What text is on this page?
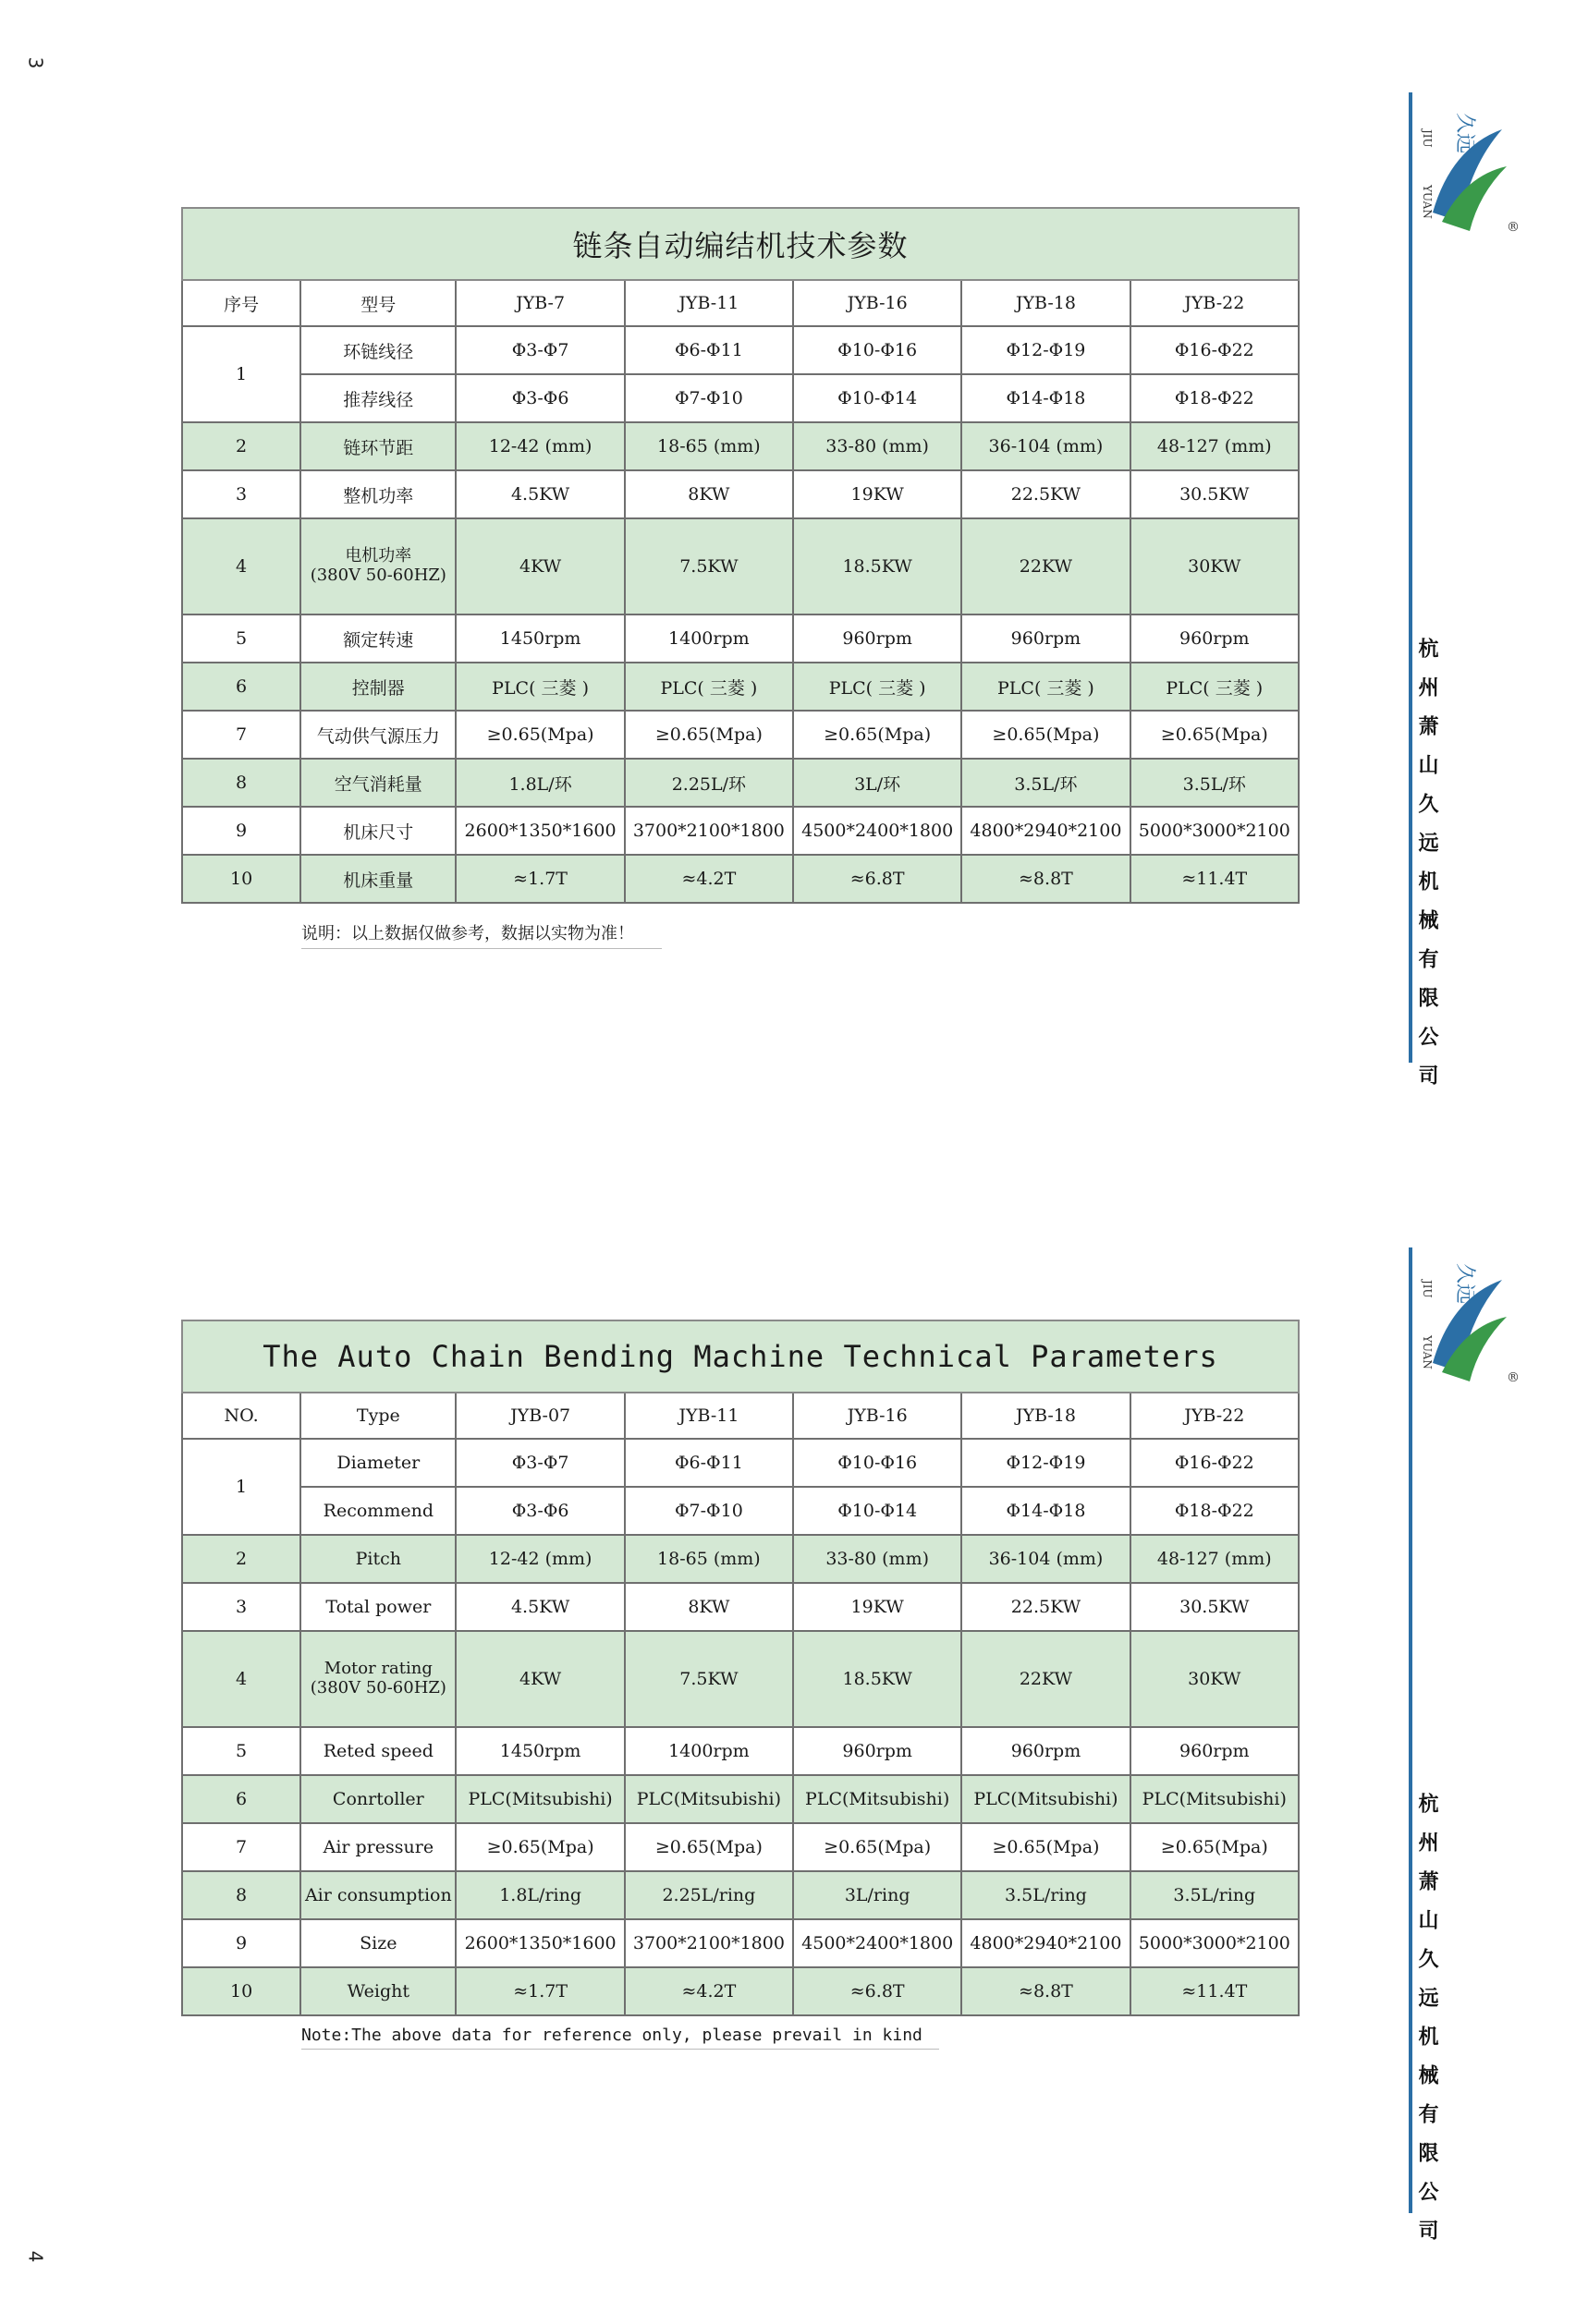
3
4
JIU
YUAN
久远
®
杭州萧山久远机械有限公司
JIU
YUAN
久远
®
杭州萧山久远机械有限公司
链条自动编结机技术参数						
序号	型号	JYB-7	JYB-11	JYB-16	JYB-18	JYB-22
1	环链线径	Φ3-Φ7	Φ6-Φ11	Φ10-Φ16	Φ12-Φ19	Φ16-Φ22
	推荐线径	Φ3-Φ6	Φ7-Φ10	Φ10-Φ14	Φ14-Φ18	Φ18-Φ22
2	链环节距	12-42 (mm)	18-65 (mm)	33-80 (mm)	36-104 (mm)	48-127 (mm)
3	整机功率	4.5KW	8KW	19KW	22.5KW	30.5KW
4	电机功率
(380V 50-60HZ)	4KW	7.5KW	18.5KW	22KW	30KW
5	额定转速	1450rpm	1400rpm	960rpm	960rpm	960rpm
6	控制器	PLC( 三菱 )	PLC( 三菱 )	PLC( 三菱 )	PLC( 三菱 )	PLC( 三菱 )
7	气动供气源压力	≥0.65(Mpa)	≥0.65(Mpa)	≥0.65(Mpa)	≥0.65(Mpa)	≥0.65(Mpa)
8	空气消耗量	1.8L/环	2.25L/环	3L/环	3.5L/环	3.5L/环
9	机床尺寸	2600*1350*1600	3700*2100*1800	4500*2400*1800	4800*2940*2100	5000*3000*2100
10	机床重量	≈1.7T	≈4.2T	≈6.8T	≈8.8T	≈11.4T
说明：以上数据仅做参考，数据以实物为准！
The Auto Chain Bending Machine Technical Parameters						
NO.	Type	JYB-07	JYB-11	JYB-16	JYB-18	JYB-22
1	Diameter	Φ3-Φ7	Φ6-Φ11	Φ10-Φ16	Φ12-Φ19	Φ16-Φ22
	Recommend	Φ3-Φ6	Φ7-Φ10	Φ10-Φ14	Φ14-Φ18	Φ18-Φ22
2	Pitch	12-42 (mm)	18-65 (mm)	33-80 (mm)	36-104 (mm)	48-127 (mm)
3	Total power	4.5KW	8KW	19KW	22.5KW	30.5KW
4	Motor rating
(380V 50-60HZ)	4KW	7.5KW	18.5KW	22KW	30KW
5	Reted speed	1450rpm	1400rpm	960rpm	960rpm	960rpm
6	Conrtoller	PLC(Mitsubishi)	PLC(Mitsubishi)	PLC(Mitsubishi)	PLC(Mitsubishi)	PLC(Mitsubishi)
7	Air pressure	≥0.65(Mpa)	≥0.65(Mpa)	≥0.65(Mpa)	≥0.65(Mpa)	≥0.65(Mpa)
8	Air consumption	1.8L/ring	2.25L/ring	3L/ring	3.5L/ring	3.5L/ring
9	Size	2600*1350*1600	3700*2100*1800	4500*2400*1800	4800*2940*2100	5000*3000*2100
10	Weight	≈1.7T	≈4.2T	≈6.8T	≈8.8T	≈11.4T
Note:The above data for reference only, please prevail in kind
